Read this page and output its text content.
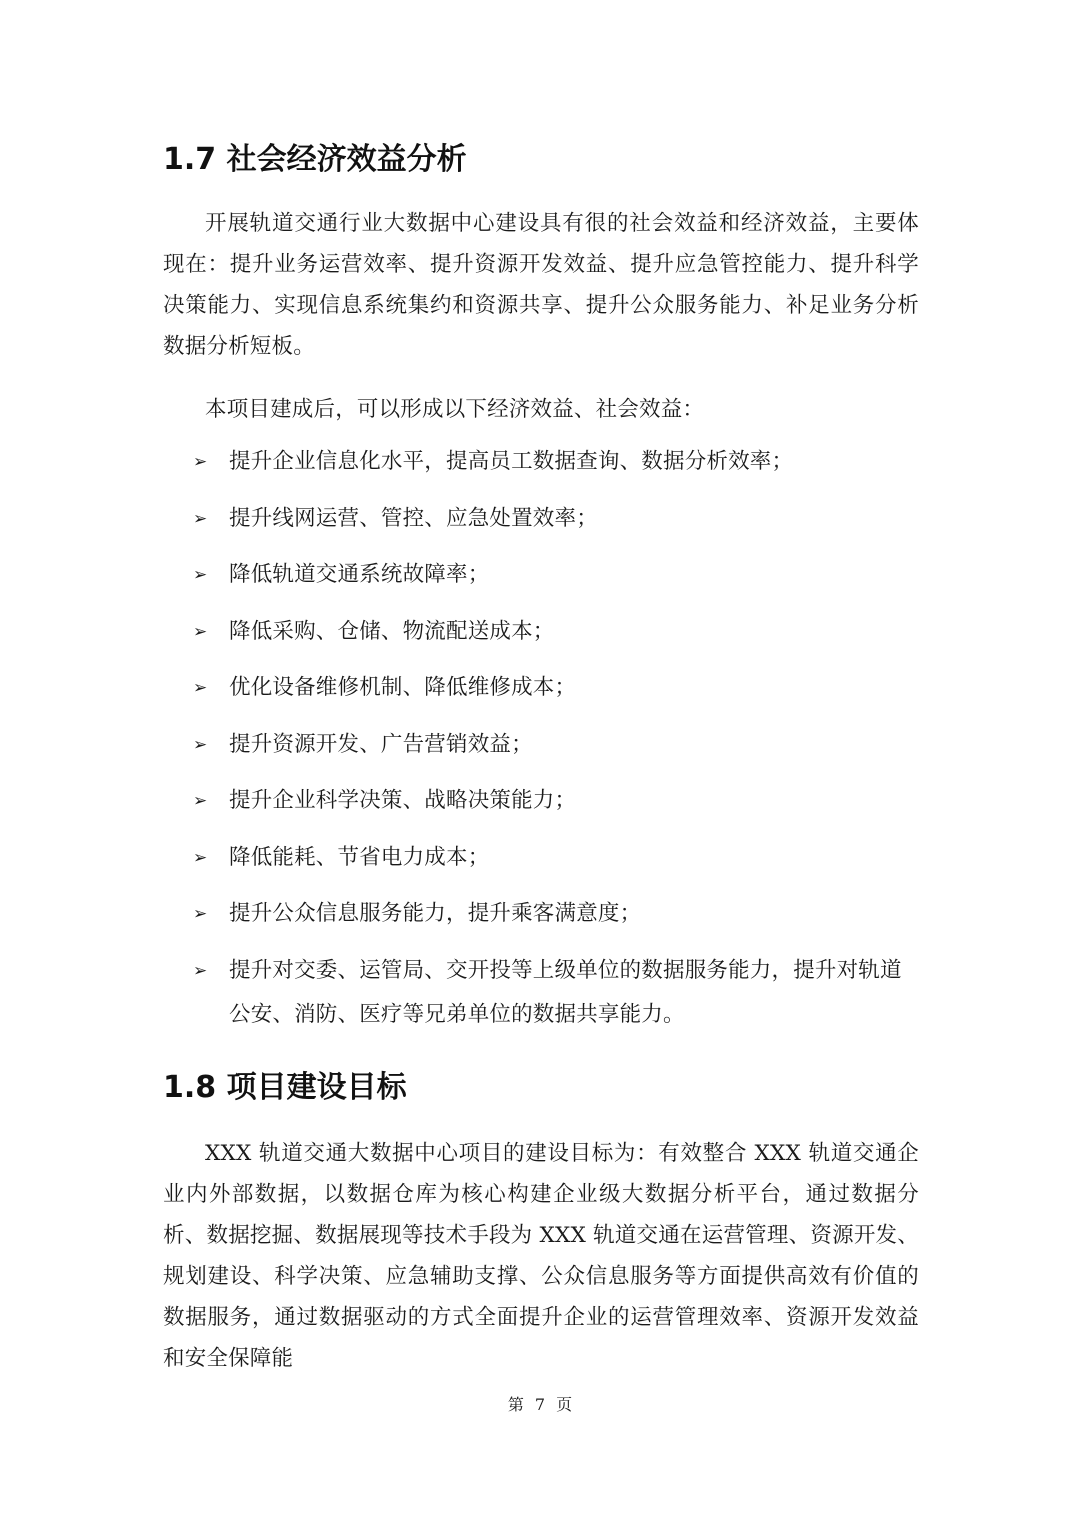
1.7 社会经济效益分析

开展轨道交通行业大数据中心建设具有很的社会效益和经济效益，主要体现在：提升业务运营效率、提升资源开发效益、提升应急管控能力、提升科学决策能力、实现信息系统集约和资源共享、提升公众服务能力、补足业务分析数据分析短板。

本项目建成后，可以形成以下经济效益、社会效益：

➢ 提升企业信息化水平，提高员工数据查询、数据分析效率；
➢ 提升线网运营、管控、应急处置效率；
➢ 降低轨道交通系统故障率；
➢ 降低采购、仓储、物流配送成本；
➢ 优化设备维修机制、降低维修成本；
➢ 提升资源开发、广告营销效益；
➢ 提升企业科学决策、战略决策能力；
➢ 降低能耗、节省电力成本；
➢ 提升公众信息服务能力，提升乘客满意度；
➢ 提升对交委、运管局、交开投等上级单位的数据服务能力，提升对轨道公安、消防、医疗等兄弟单位的数据共享能力。
1.8 项目建设目标

XXX 轨道交通大数据中心项目的建设目标为：有效整合 XXX 轨道交通企业内外部数据，以数据仓库为核心构建企业级大数据分析平台，通过数据分析、数据挖掘、数据展现等技术手段为 XXX 轨道交通在运营管理、资源开发、规划建设、科学决策、应急辅助支撑、公众信息服务等方面提供高效有价值的数据服务，通过数据驱动的方式全面提升企业的运营管理效率、资源开发效益和安全保障能

第 7 页
